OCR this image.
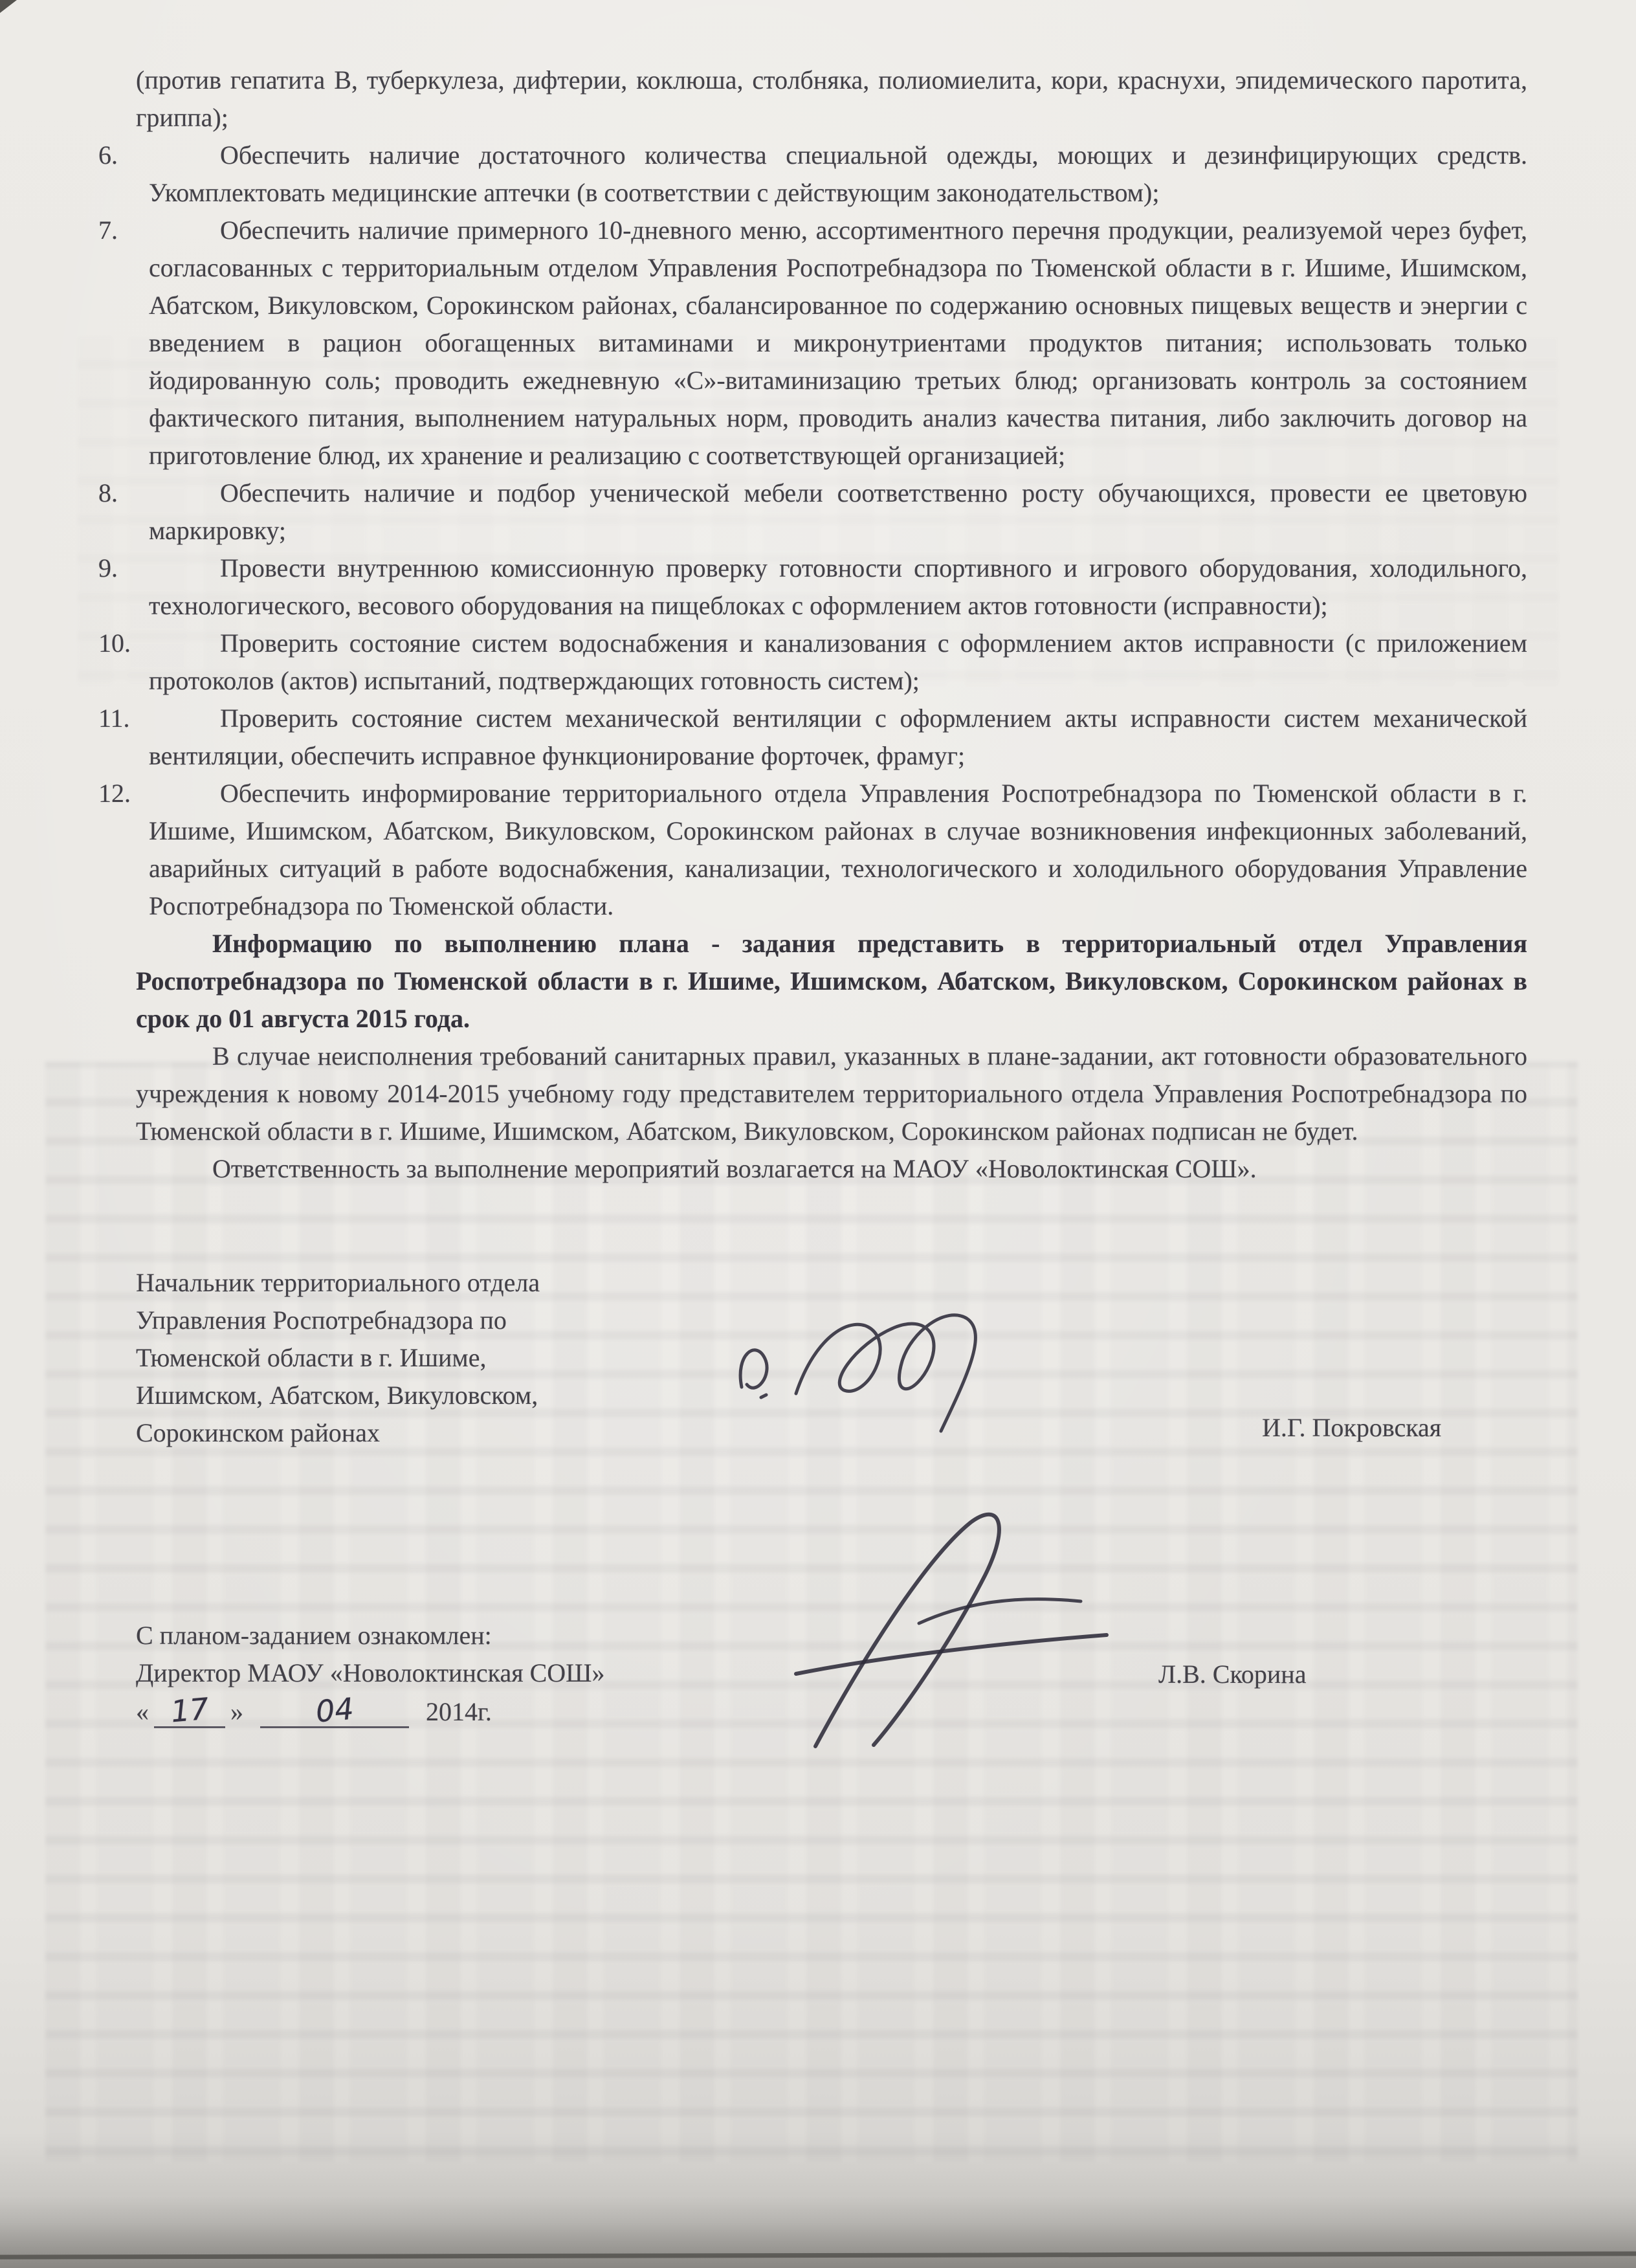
(против гепатита В, туберкулеза, дифтерии, коклюша, столбняка, полиомиелита, кори, краснухи, эпидемического паротита, гриппа);

6.	Обеспечить наличие достаточного количества специальной одежды, моющих и дезинфицирующих средств. Укомплектовать медицинские аптечки (в соответствии с действующим законодательством);
7.	Обеспечить наличие примерного 10-дневного меню, ассортиментного перечня продукции, реализуемой через буфет, согласованных с территориальным отделом Управления Роспотребнадзора по Тюменской области в г. Ишиме, Ишимском, Абатском, Викуловском, Сорокинском районах, сбалансированное по содержанию основных пищевых веществ и энергии с введением в рацион обогащенных витаминами и микронутриентами продуктов питания; использовать только йодированную соль; проводить ежедневную «С»-витаминизацию третьих блюд; организовать контроль за состоянием фактического питания, выполнением натуральных норм, проводить анализ качества питания, либо заключить договор на приготовление блюд, их хранение и реализацию с соответствующей организацией;
8.	Обеспечить наличие и подбор ученической мебели соответственно росту обучающихся, провести ее цветовую маркировку;
9.	Провести внутреннюю комиссионную проверку готовности спортивного и игрового оборудования, холодильного, технологического, весового оборудования на пищеблоках с оформлением актов готовности (исправности);
10.	Проверить состояние систем водоснабжения и канализования с оформлением актов исправности (с приложением протоколов (актов) испытаний, подтверждающих готовность систем);
11.	Проверить состояние систем механической вентиляции с оформлением акты исправности систем механической вентиляции, обеспечить исправное функционирование форточек, фрамуг;
12.	Обеспечить информирование территориального отдела Управления Роспотребнадзора по Тюменской области в г. Ишиме, Ишимском, Абатском, Викуловском, Сорокинском районах в случае возникновения инфекционных заболеваний, аварийных ситуаций в работе водоснабжения, канализации, технологического и холодильного оборудования Управление Роспотребнадзора по Тюменской области.

Информацию по выполнению плана - задания представить в территориальный отдел Управления Роспотребнадзора по Тюменской области в г. Ишиме, Ишимском, Абатском, Викуловском, Сорокинском районах в срок до 01 августа 2015 года.

В случае неисполнения требований санитарных правил, указанных в плане-задании, акт готовности образовательного учреждения к новому 2014-2015 учебному году представителем территориального отдела Управления Роспотребнадзора по Тюменской области в г. Ишиме, Ишимском, Абатском, Викуловском, Сорокинском районах подписан не будет.

Ответственность за выполнение мероприятий возлагается на МАОУ «Новолоктинская СОШ».

Начальник территориального отдела
Управления Роспотребнадзора по
Тюменской области в г. Ишиме,
Ишимском, Абатском, Викуловском,
Сорокинском районах	И.Г. Покровская
С планом-заданием ознакомлен:
Директор МАОУ «Новолоктинская СОШ»
« 17 » 04	2014г.
Л.В. Скорина
